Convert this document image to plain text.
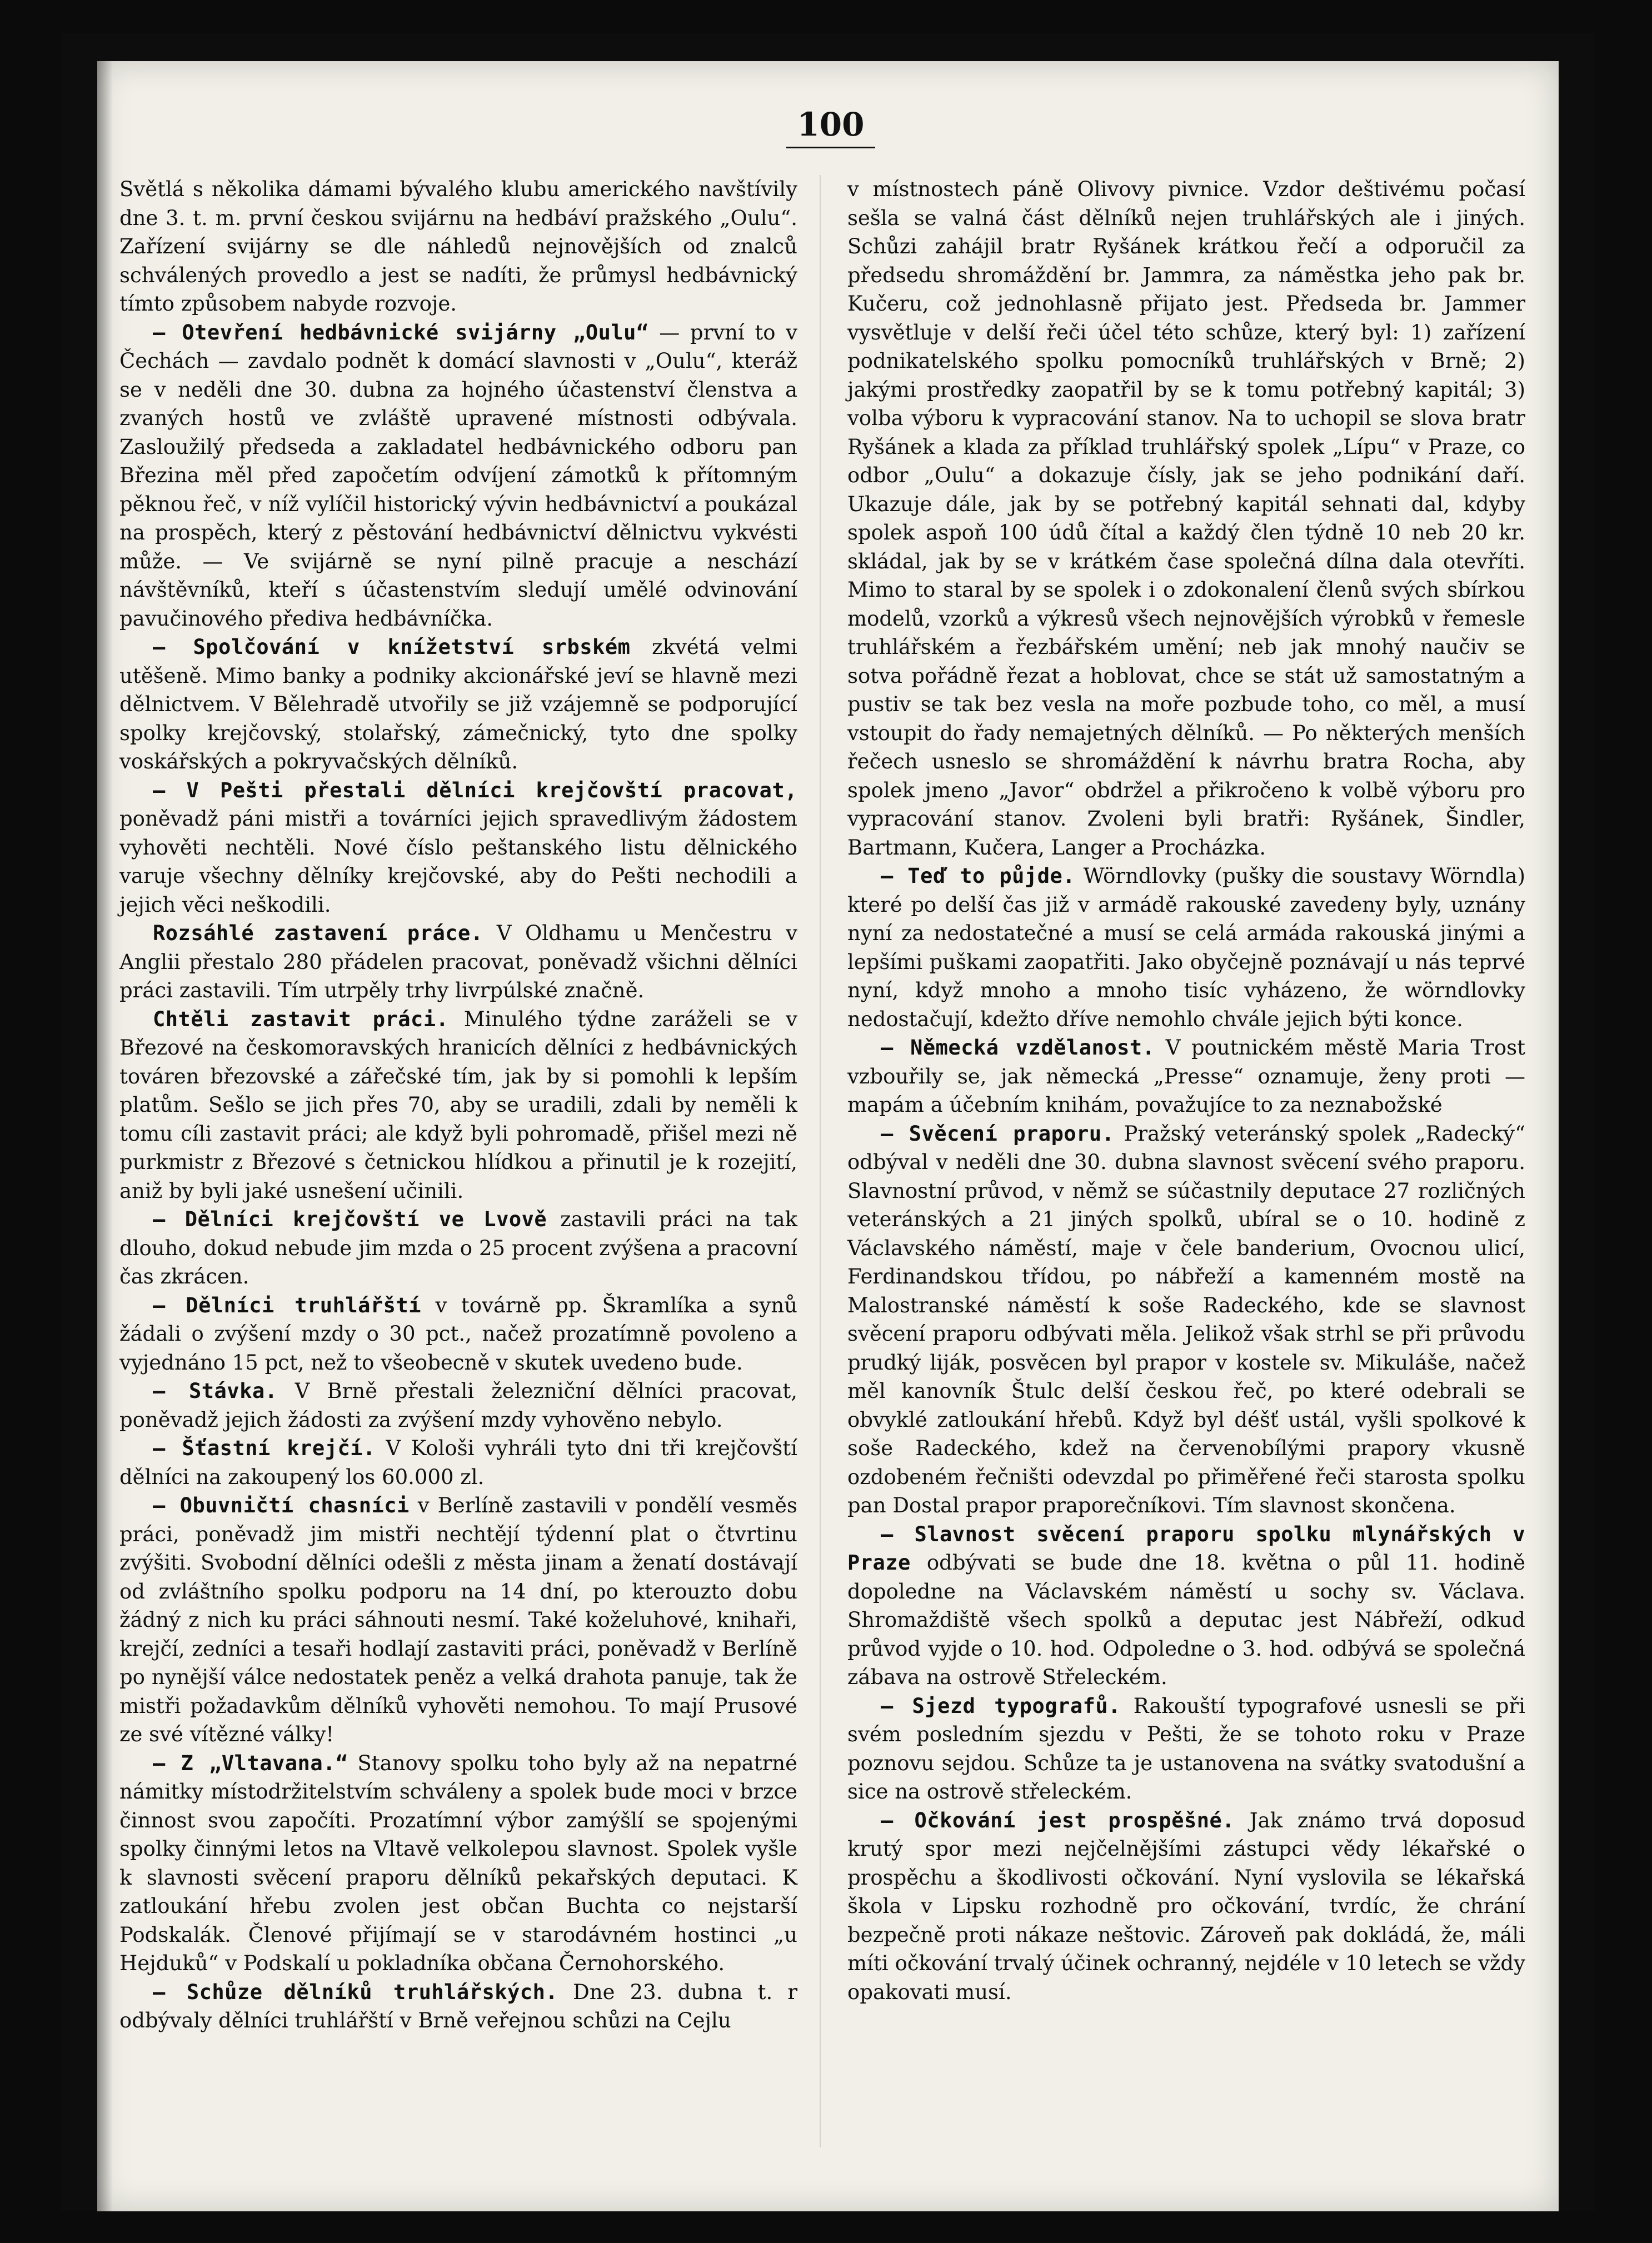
100

Světlá s několika dámami bývalého klubu amerického navštívily dne 3. t. m. první českou svijárnu na hedbáví pražského „Oulu“. Zařízení svijárny se dle náhledů nejnovějších od znalců schválených provedlo a jest se nadíti, že průmysl hedbávnický tímto způsobem nabyde rozvoje.

— Otevření hedbávnické svijárny „Oulu“ — první to v Čechách — zavdalo podnět k domácí slavnosti v „Oulu“, kteráž se v neděli dne 30. dubna za hojného účastenství členstva a zvaných hostů ve zvláště upravené místnosti odbývala. Zasloužilý předseda a zakladatel hedbávnického odboru pan Březina měl před započetím odvíjení zámotků k přítomným pěknou řeč, v níž vylíčil historický vývin hedbávnictví a poukázal na prospěch, který z pěstování hedbávnictví dělnictvu vykvésti může. — Ve svijárně se nyní pilně pracuje a neschází návštěvníků, kteří s účastenstvím sledují umělé odvinování pavučinového předivа hedbávníčka.

— Spolčování v knížetství srbském zkvétá velmi utěšeně. Mimo banky a podniky akcionářské jeví se hlavně mezi dělnictvem. V Bělehradě utvořily se již vzájemně se podporující spolky krejčovský, stolařský, zámečnický, tyto dne spolky voskářských a pokryvačských dělníků.

— V Pešti přestali dělníci krejčovští pracovat, poněvadž páni mistři a továrníci jejich spravedlivým žádostem vyhověti nechtěli. Nové číslo peštanského listu dělnického varuje všechny dělníky krejčovské, aby do Pešti nechodili a jejich věci neškodili.

Rozsáhlé zastavení práce. V Oldhamu u Menčestru v Anglii přestalo 280 přádelen pracovat, poněvadž všichni dělníci práci zastavili. Tím utrpěly trhy livrpúlské značně.

Chtěli zastavit práci. Minulého týdne zaráželi se v Březové na českomoravských hranicích dělníci z hedbávnických továren březovské a zářečské tím, jak by si pomohli k lepším platům. Sešlo se jich přes 70, aby se uradili, zdali by neměli k tomu cíli zastavit práci; ale když byli pohromadě, přišel mezi ně purkmistr z Březové s četnickou hlídkou a přinutil je k rozejití, aniž by byli jaké usnešení učinili.

— Dělníci krejčovští ve Lvově zastavili práci na tak dlouho, dokud nebude jim mzda o 25 procent zvýšena a pracovní čas zkrácen.

— Dělníci truhlářští v továrně pp. Škramlíka a synů žádali o zvýšení mzdy o 30 pct., načež prozatímně povoleno a vyjednáno 15 pct, než to všeobecně v skutek uvedeno bude.

— Stávka. V Brně přestali železniční dělníci pracovat, poněvadž jejich žádosti za zvýšení mzdy vyhověno nebylo.

— Šťastní krejčí. V Kološi vyhráli tyto dni tři krejčovští dělníci na zakoupený los 60.000 zl.

— Obuvničtí chasníci v Berlíně zastavili v pondělí vesměs práci, poněvadž jim mistři nechtějí týdenní plat o čtvrtinu zvýšiti. Svobodní dělníci odešli z města jinam a ženatí dostávají od zvláštního spolku podporu na 14 dní, po kterouzto dobu žádný z nich ku práci sáhnouti nesmí. Také koželuhové, knihaři, krejčí, zedníci a tesaři hodlají zastaviti práci, poněvadž v Berlíně po nynější válce nedostatek peněz a velká drahota panuje, tak že mistři požadavkům dělníků vyhověti nemohou. To mají Prusové ze své vítězné války!

— Z „Vltavana.“ Stanovy spolku toho byly až na nepatrné námitky místodržitelstvím schváleny a spolek bude moci v brzce činnost svou započíti. Prozatímní výbor zamýšlí se spojenými spolky činnými letos na Vltavě velkolepou slavnost. Spolek vyšle k slavnosti svěcení praporu dělníků pekařských deputaci. K zatloukání hřebu zvolen jest občan Buchta co nejstarší Podskalák. Členové přijímají se v starodávném hostinci „u Hejduků“ v Podskalí u pokladníka občana Černohorského.

— Schůze dělníků truhlářských. Dne 23. dubna t. r odbývaly dělníci truhlářští v Brně veřejnou schůzi na Cejlu

v místnostech páně Olivovy pivnice. Vzdor deštivému počasí sešla se valná část dělníků nejen truhlářských ale i jiných. Schůzi zahájil bratr Ryšánek krátkou řečí a odporučil za předsedu shromáždění br. Jammra, za náměstka jeho pak br. Kučeru, což jednohlasně přijato jest. Předseda br. Jammer vysvětluje v delší řeči účel této schůze, který byl: 1) zařízení podnikatelského spolku pomocníků truhlářských v Brně; 2) jakými prostředky zaopatřil by se k tomu potřebný kapitál; 3) volba výboru k vypracování stanov. Na to uchopil se slova bratr Ryšánek a klada za příklad truhlářský spolek „Lípu“ v Praze, co odbor „Oulu“ a dokazuje čísly, jak se jeho podnikání daří. Ukazuje dále, jak by se potřebný kapitál sehnati dal, kdyby spolek aspoň 100 údů čítal a každý člen týdně 10 neb 20 kr. skládal, jak by se v krátkém čase společná dílna dala otevříti. Mimo to staral by se spolek i o zdokonalení členů svých sbírkou modelů, vzorků a výkresů všech nejnovějších výrobků v řemesle truhlářském a řezbářském umění; neb jak mnohý naučiv se sotva pořádně řezat a hoblovat, chce se stát už samostatným a pustiv se tak bez vesla na moře pozbude toho, co měl, a musí vstoupit do řady nemajetných dělníků. — Po některých menších řečech usneslo se shromáždění k návrhu bratra Rocha, aby spolek jmeno „Javor“ obdržel a přikročeno k volbě výboru pro vypracování stanov. Zvoleni byli bratři: Ryšánek, Šindler, Bartmann, Kučera, Langer a Procházka.

— Teď to půjde. Wörndlovky (pušky die soustavy Wörndla) které po delší čas již v armádě rakouské zavedeny byly, uznány nyní za nedostatečné a musí se celá armáda rakouská jinými a lepšími puškami zaopatřiti. Jako obyčejně poznávají u nás teprvé nyní, když mnoho a mnoho tisíc vyházeno, že wörndlovky nedostačují, kdežto dříve nemohlo chvále jejich býti konce.

— Německá vzdělanost. V poutnickém městě Maria Trost vzbouřily se, jak německá „Presse“ oznamuje, ženy proti — mapám a účebním knihám, považujíce to za neznabožské

— Svěcení praporu. Pražský veteránský spolek „Radecký“ odbýval v neděli dne 30. dubna slavnost svěcení svého praporu. Slavnostní průvod, v němž se súčastnily deputace 27 rozličných veteránských a 21 jiných spolků, ubíral se o 10. hodině z Václavského náměstí, maje v čele banderium, Ovocnou ulicí, Ferdinandskou třídou, po nábřeží a kamenném mostě na Malostranské náměstí k soše Radeckého, kde se slavnost svěcení praporu odbývati měla. Jelikož však strhl se při průvodu prudký liják, posvěcen byl prapor v kostele sv. Mikuláše, načež měl kanovník Štulc delší českou řeč, po které odebrali se obvyklé zatloukání hřebů. Když byl déšť ustál, vyšli spolkové k soše Radeckého, kdež na červenobílými prapory vkusně ozdobeném řečništi odevzdal po přiměřené řeči starosta spolku pan Dostal prapor praporečníkovi. Tím slavnost skončena.

— Slavnost svěcení praporu spolku mlynářských v Praze odbývati se bude dne 18. května o půl 11. hodině dopoledne na Václavském náměstí u sochy sv. Václava. Shromaždiště všech spolků a deputac jest Nábřeží, odkud průvod vyjde o 10. hod. Odpoledne o 3. hod. odbývá se společná zábava na ostrově Střeleckém.

— Sjezd typografů. Rakouští typografové usnesli se při svém posledním sjezdu v Pešti, že se tohoto roku v Praze poznovu sejdou. Schůze ta je ustanovena na svátky svatodušní a sice na ostrově střeleckém.

— Očkování jest prospěšné. Jak známo trvá doposud krutý spor mezi nejčelnějšími zástupci vědy lékařské o prospěchu a škodlivosti očkování. Nyní vyslovila se lékařská škola v Lipsku rozhodně pro očkování, tvrdíc, že chrání bezpečně proti nákaze neštovic. Zároveň pak dokládá, že, máli míti očkování trvalý účinek ochranný, nejdéle v 10 letech se vždy opakovati musí.
